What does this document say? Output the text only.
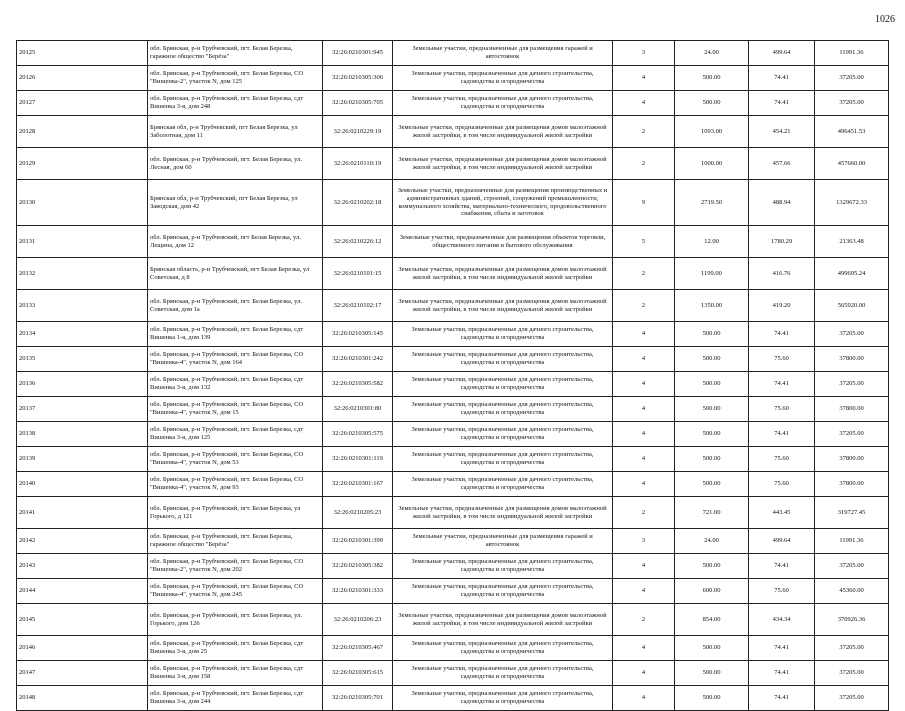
1026
20125	обл. Брянская, р-н Трубчевский, пгт. Белая Березка, гаражное общество "Берёза"	32:26:0210301:945	Земельные участки, предназначенные для размещения гаражей и автостоянок	3	24.00	499.64	11991.36
20126	обл. Брянская, р-н Трубчевский, пгт. Белая Березка, СО "Вишенка-2", участок N, дом 125	32:26:0210305:306	Земельные участки, предназначенные для дачного строительства, садоводства и огородничества	4	500.00	74.41	37205.00
20127	обл. Брянская, р-н Трубчевский, пгт. Белая Березка, сдт Вишенка 3-я, дом 248	32:26:0210305:705	Земельные участки, предназначенные для дачного строительства, садоводства и огородничества	4	500.00	74.41	37205.00
20128	Брянская обл, р-н Трубчевский, пгт Белая Березка, ул Заболотная, дом 11	32:26:0210229:19	Земельные участки, предназначенные для размещения домов малоэтажной жилой застройки, в том числе индивидуальной жилой застройки	2	1093.00	454.21	496451.53
20129	обл. Брянская, р-н Трубчевский, пгт. Белая Березка, ул. Лесная, дом 60	32:26:0210110:19	Земельные участки, предназначенные для размещения домов малоэтажной жилой застройки, в том числе индивидуальной жилой застройки	2	1000.00	457.66	457660.00
20130	Брянская обл, р-н Трубчевский, пгт Белая Березка, ул Заводская, дом 42	32:26:0210202:18	Земельные участки, предназначенные для размещения производственных и административных зданий, строений, сооружений промышленности, коммунального хозяйства, материально-технического, продовольственного снабжения, сбыта и заготовок	9	2719.50	488.94	1329672.33
20131	обл. Брянская, р-н Трубчевский, пгт Белая Березка, ул. Лещина, дом 12	32:26:0210226:12	Земельные участки, предназначенные для размещения объектов торговли, общественного питания и бытового обслуживания	5	12.00	1780.29	21363.48
20132	Брянская область, р-н Трубчевский, пгт Белая Березка, ул Советская, д 8	32:26:0210101:15	Земельные участки, предназначенные для размещения домов малоэтажной жилой застройки, в том числе индивидуальной жилой застройки	2	1199.00	416.76	499695.24
20133	обл. Брянская, р-н Трубчевский, пгт. Белая Березка, ул. Советская, дом 1а	32:26:0210102:17	Земельные участки, предназначенные для размещения домов малоэтажной жилой застройки, в том числе индивидуальной жилой застройки	2	1350.00	419.20	565920.00
20134	обл. Брянская, р-н Трубчевский, пгт. Белая Березка, сдт Вишенка 1-я, дом 139	32:26:0210305:145	Земельные участки, предназначенные для дачного строительства, садоводства и огородничества	4	500.00	74.41	37205.00
20135	обл. Брянская, р-н Трубчевский, пгт. Белая Березка, СО "Вишенка-4", участок N, дом 164	32:26:0210301:242	Земельные участки, предназначенные для дачного строительства, садоводства и огородничества	4	500.00	75.60	37800.00
20136	обл. Брянская, р-н Трубчевский, пгт. Белая Березка, сдт Вишенка 3-я, дом 132	32:26:0210305:582	Земельные участки, предназначенные для дачного строительства, садоводства и огородничества	4	500.00	74.41	37205.00
20137	обл. Брянская, р-н Трубчевский, пгт. Белая Березка, СО "Вишенка-4", участок N, дом 15	32:26:0210301:80	Земельные участки, предназначенные для дачного строительства, садоводства и огородничества	4	500.00	75.60	37800.00
20138	обл. Брянская, р-н Трубчевский, пгт. Белая Березка, сдт Вишенка 3-я, дом 125	32:26:0210305:575	Земельные участки, предназначенные для дачного строительства, садоводства и огородничества	4	500.00	74.41	37205.00
20139	обл. Брянская, р-н Трубчевский, пгт. Белая Березка, СО "Вишенка-4", участок N, дом 53	32:26:0210301:119	Земельные участки, предназначенные для дачного строительства, садоводства и огородничества	4	500.00	75.60	37800.00
20140	обл. Брянская, р-н Трубчевский, пгт. Белая Березка, СО "Вишенка-4", участок N, дом 93	32:26:0210301:167	Земельные участки, предназначенные для дачного строительства, садоводства и огородничества	4	500.00	75.60	37800.00
20141	обл. Брянская, р-н Трубчевский, пгт. Белая Березка, ул Горького, д 121	32:26:0210205:23	Земельные участки, предназначенные для размещения домов малоэтажной жилой застройки, в том числе индивидуальной жилой застройки	2	721.00	443.45	319727.45
20142	обл. Брянская, р-н Трубчевский, пгт. Белая Березка, гаражное общество "Берёза"	32:26:0210301:399	Земельные участки, предназначенные для размещения гаражей и автостоянок	3	24.00	499.64	11991.36
20143	обл. Брянская, р-н Трубчевский, пгт. Белая Березка, СО "Вишенка-2", участок N, дом 202	32:26:0210305:382	Земельные участки, предназначенные для дачного строительства, садоводства и огородничества	4	500.00	74.41	37205.00
20144	обл. Брянская, р-н Трубчевский, пгт. Белая Березка, СО "Вишенка-4", участок N, дом 245	32:26:0210301:333	Земельные участки, предназначенные для дачного строительства, садоводства и огородничества	4	600.00	75.60	45360.00
20145	обл. Брянская, р-н Трубчевский, пгт. Белая Березка, ул. Горького, дом 126	32:26:0210206:23	Земельные участки, предназначенные для размещения домов малоэтажной жилой застройки, в том числе индивидуальной жилой застройки	2	854.00	434.34	370926.36
20146	обл. Брянская, р-н Трубчевский, пгт. Белая Березка, сдт Вишенка 3-я, дом 25	32:26:0210305:467	Земельные участки, предназначенные для дачного строительства, садоводства и огородничества	4	500.00	74.41	37205.00
20147	обл. Брянская, р-н Трубчевский, пгт. Белая Березка, сдт Вишенка 3-я, дом 158	32:26:0210305:615	Земельные участки, предназначенные для дачного строительства, садоводства и огородничества	4	500.00	74.41	37205.00
20148	обл. Брянская, р-н Трубчевский, пгт. Белая Березка, сдт Вишенка 3-я, дом 244	32:26:0210305:701	Земельные участки, предназначенные для дачного строительства, садоводства и огородничества	4	500.00	74.41	37205.00
